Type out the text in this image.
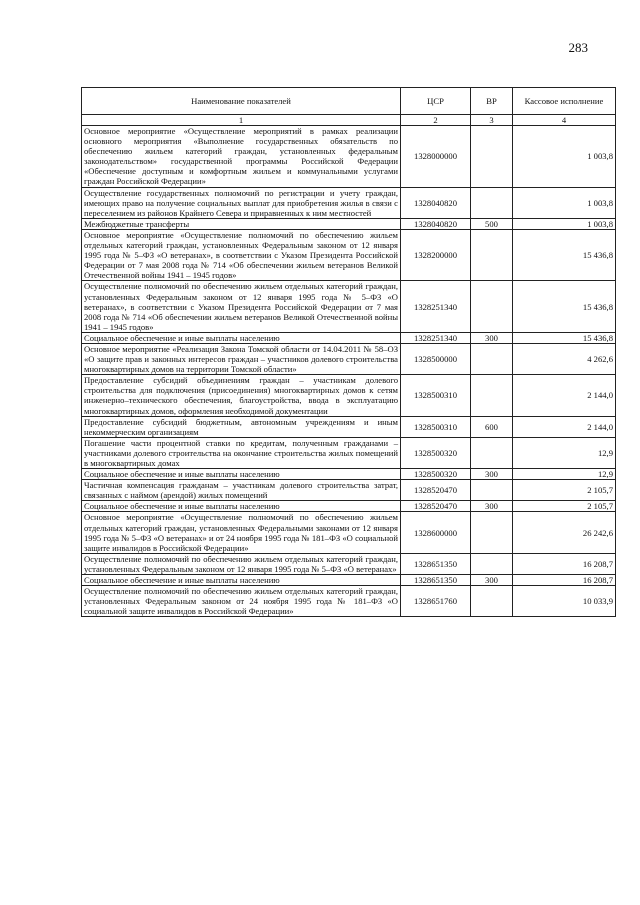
283
Наименование показателей	ЦСР	ВР	Кассовое исполнение
1	2	3	4
Основное мероприятие «Осуществление мероприятий в рамках реализации основного мероприятия «Выполнение государственных обязательств по обеспечению жильем категорий граждан, установленных федеральным законодательством» государственной программы Российской Федерации «Обеспечение доступным и комфортным жильем и коммунальными услугами граждан Российской Федерации»	1328000000		1 003,8
Осуществление государственных полномочий по регистрации и учету граждан, имеющих право на получение социальных выплат для приобретения жилья в связи с переселением из районов Крайнего Севера и приравненных к ним местностей	1328040820		1 003,8
Межбюджетные трансферты	1328040820	500	1 003,8
Основное мероприятие «Осуществление полномочий по обеспечению жильем отдельных категорий граждан, установленных Федеральным законом от 12 января 1995 года № 5–ФЗ «О ветеранах», в соответствии с Указом Президента Российской Федерации от 7 мая 2008 года № 714 «Об обеспечении жильем ветеранов Великой Отечественной войны 1941 – 1945 годов»	1328200000		15 436,8
Осуществление полномочий по обеспечению жильем отдельных категорий граждан, установленных Федеральным законом от 12 января 1995 года № 5–ФЗ «О ветеранах», в соответствии с Указом Президента Российской Федерации от 7 мая 2008 года № 714 «Об обеспечении жильем ветеранов Великой Отечественной войны 1941 – 1945 годов»	1328251340		15 436,8
Социальное обеспечение и иные выплаты населению	1328251340	300	15 436,8
Основное мероприятие «Реализация Закона Томской области от 14.04.2011 № 58–ОЗ «О защите прав и законных интересов граждан – участников долевого строительства многоквартирных домов на территории Томской области»	1328500000		4 262,6
Предоставление субсидий объединениям граждан – участникам долевого строительства для подключения (присоединения) многоквартирных домов к сетям инженерно–технического обеспечения, благоустройства, ввода в эксплуатацию многоквартирных домов, оформления необходимой документации	1328500310		2 144,0
Предоставление субсидий бюджетным, автономным учреждениям и иным некоммерческим организациям	1328500310	600	2 144,0
Погашение части процентной ставки по кредитам, полученным гражданами – участниками долевого строительства на окончание строительства жилых помещений в многоквартирных домах	1328500320		12,9
Социальное обеспечение и иные выплаты населению	1328500320	300	12,9
Частичная компенсация гражданам – участникам долевого строительства затрат, связанных с наймом (арендой) жилых помещений	1328520470		2 105,7
Социальное обеспечение и иные выплаты населению	1328520470	300	2 105,7
Основное мероприятие «Осуществление полномочий по обеспечению жильем отдельных категорий граждан, установленных Федеральными законами от 12 января 1995 года № 5–ФЗ «О ветеранах» и от 24 ноября 1995 года № 181–ФЗ «О социальной защите инвалидов в Российской Федерации»	1328600000		26 242,6
Осуществление полномочий по обеспечению жильем отдельных категорий граждан, установленных Федеральным законом от 12 января 1995 года № 5–ФЗ «О ветеранах»	1328651350		16 208,7
Социальное обеспечение и иные выплаты населению	1328651350	300	16 208,7
Осуществление полномочий по обеспечению жильем отдельных категорий граждан, установленных Федеральным законом от 24 ноября 1995 года № 181–ФЗ «О социальной защите инвалидов в Российской Федерации»	1328651760		10 033,9
